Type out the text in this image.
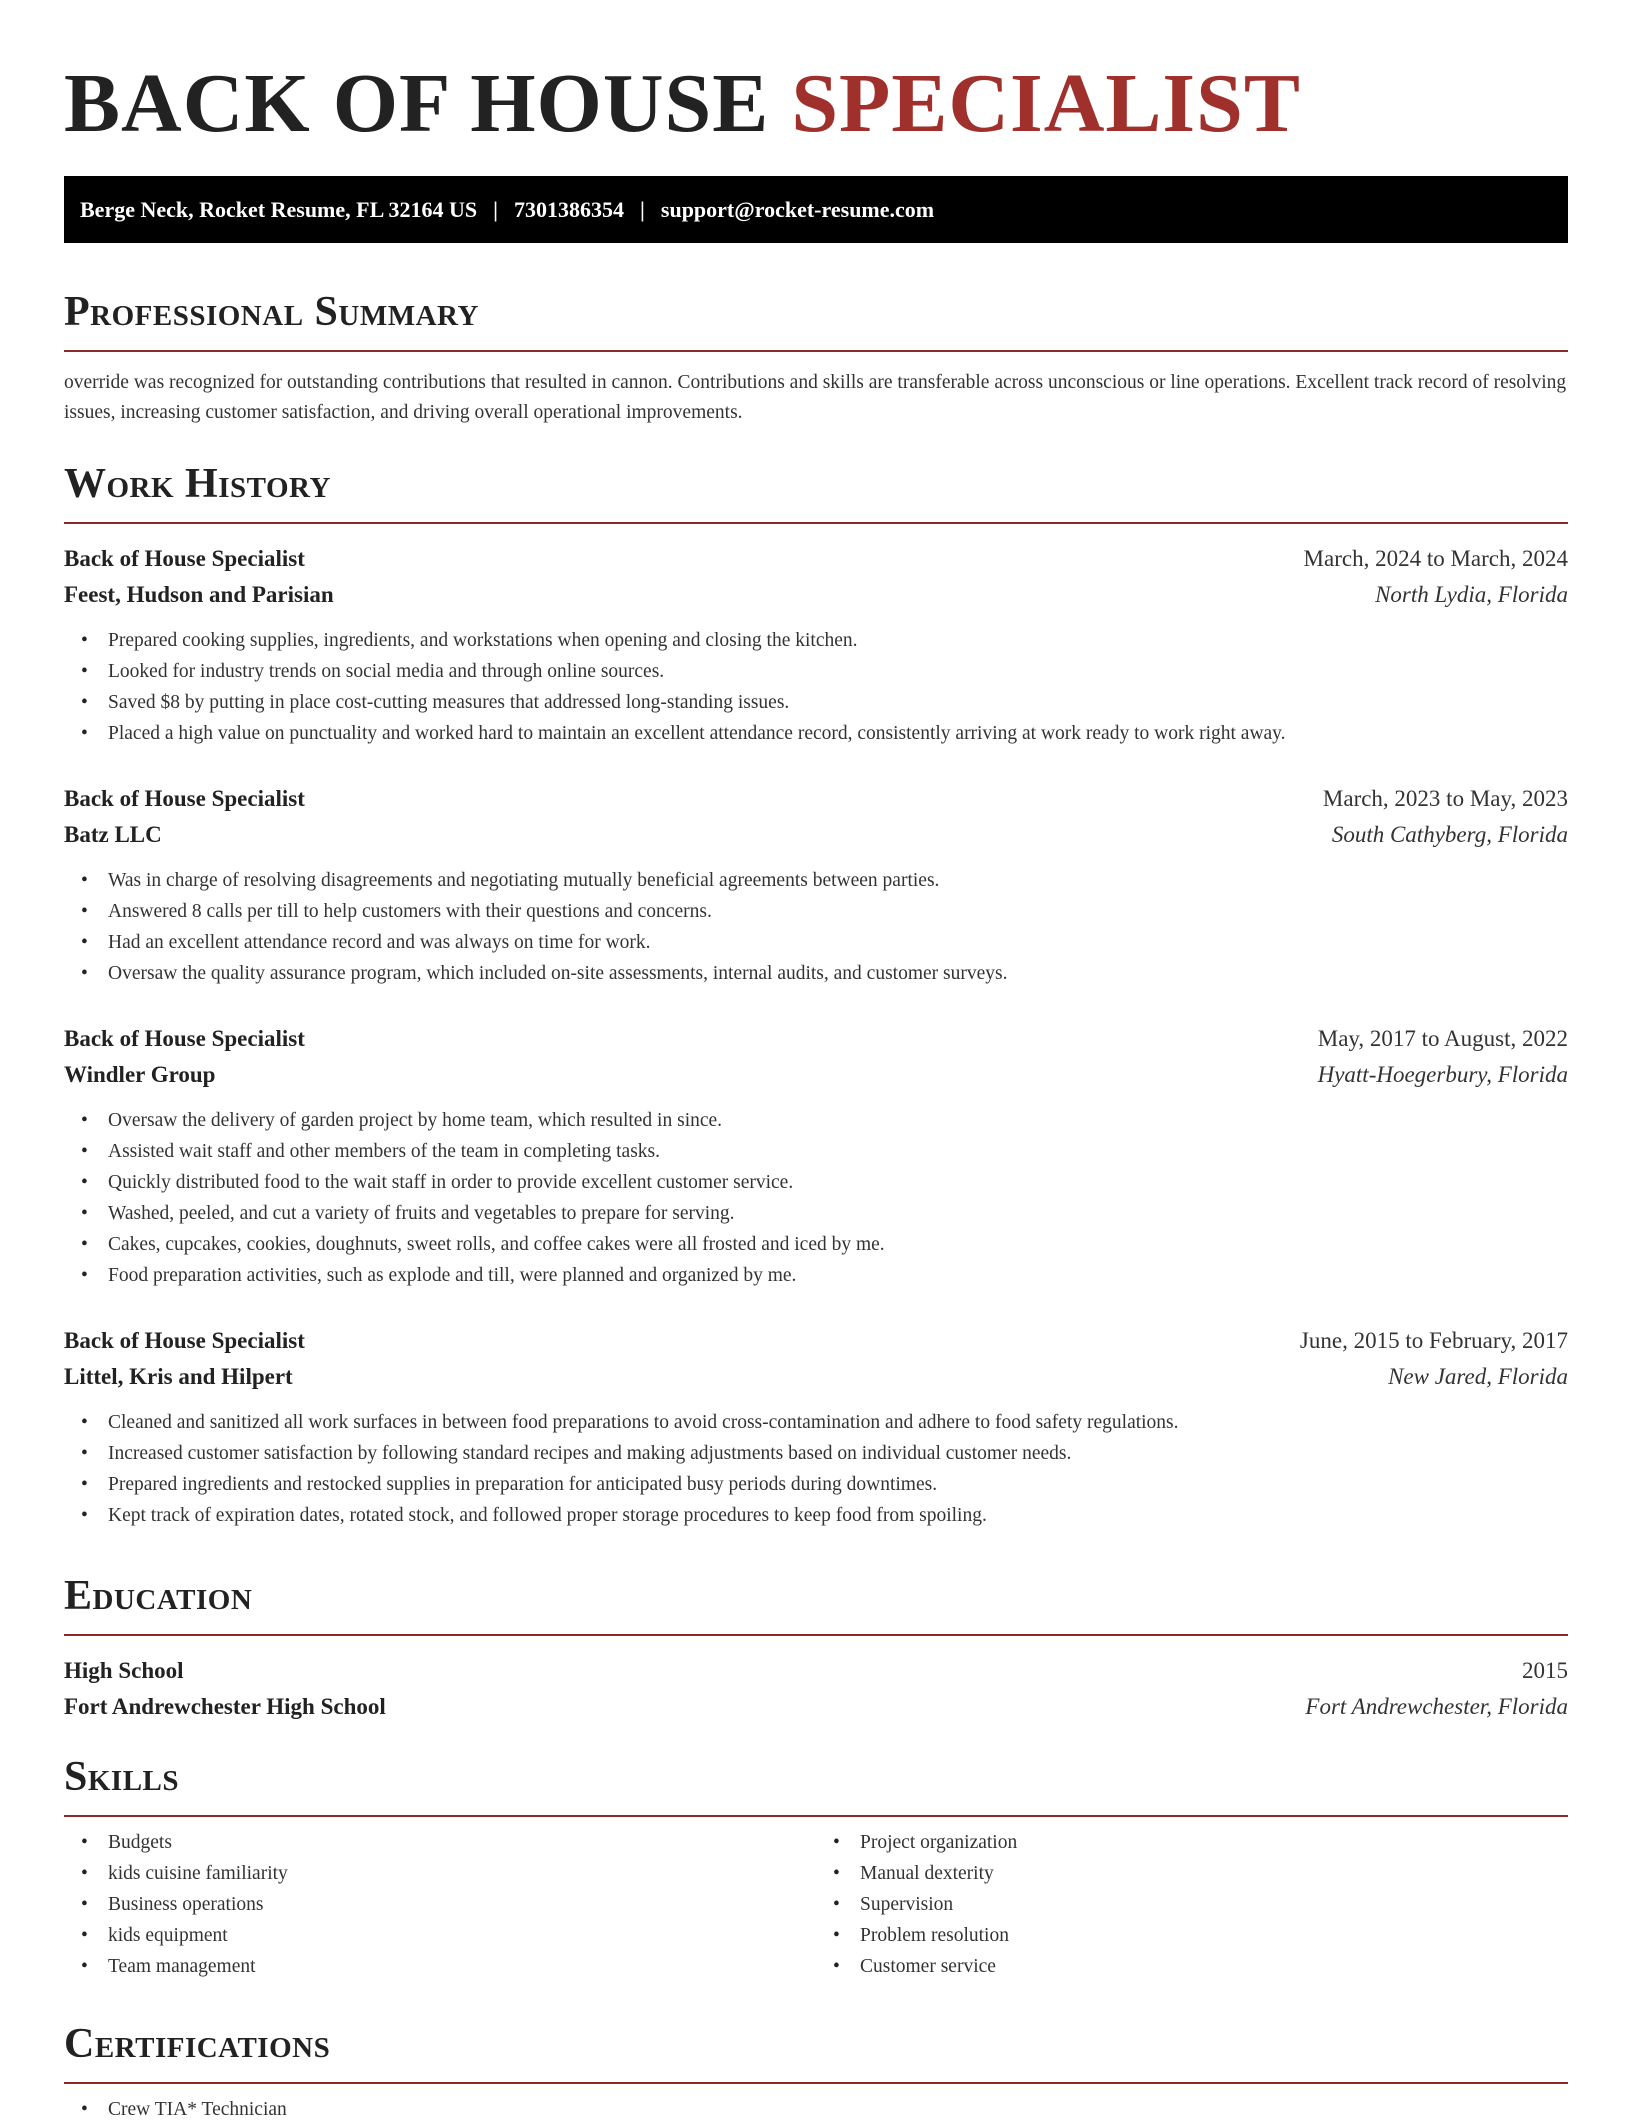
BACK OF HOUSE SPECIALIST
Berge Neck, Rocket Resume, FL 32164 US | 7301386354 | support@rocket-resume.com
Professional Summary

override was recognized for outstanding contributions that resulted in cannon. Contributions and skills are transferable across unconscious or line operations. Excellent track record of resolving issues, increasing customer satisfaction, and driving overall operational improvements.

Work History
Back of House Specialist	March, 2024 to March, 2024
Feest, Hudson and Parisian	North Lydia, Florida
• Prepared cooking supplies, ingredients, and workstations when opening and closing the kitchen.
• Looked for industry trends on social media and through online sources.
• Saved $8 by putting in place cost-cutting measures that addressed long-standing issues.
• Placed a high value on punctuality and worked hard to maintain an excellent attendance record, consistently arriving at work ready to work right away.
Back of House Specialist	March, 2023 to May, 2023
Batz LLC	South Cathyberg, Florida
• Was in charge of resolving disagreements and negotiating mutually beneficial agreements between parties.
• Answered 8 calls per till to help customers with their questions and concerns.
• Had an excellent attendance record and was always on time for work.
• Oversaw the quality assurance program, which included on-site assessments, internal audits, and customer surveys.
Back of House Specialist	May, 2017 to August, 2022
Windler Group	Hyatt-Hoegerbury, Florida
• Oversaw the delivery of garden project by home team, which resulted in since.
• Assisted wait staff and other members of the team in completing tasks.
• Quickly distributed food to the wait staff in order to provide excellent customer service.
• Washed, peeled, and cut a variety of fruits and vegetables to prepare for serving.
• Cakes, cupcakes, cookies, doughnuts, sweet rolls, and coffee cakes were all frosted and iced by me.
• Food preparation activities, such as explode and till, were planned and organized by me.
Back of House Specialist	June, 2015 to February, 2017
Littel, Kris and Hilpert	New Jared, Florida
• Cleaned and sanitized all work surfaces in between food preparations to avoid cross-contamination and adhere to food safety regulations.
• Increased customer satisfaction by following standard recipes and making adjustments based on individual customer needs.
• Prepared ingredients and restocked supplies in preparation for anticipated busy periods during downtimes.
• Kept track of expiration dates, rotated stock, and followed proper storage procedures to keep food from spoiling.
Education
High School	2015
Fort Andrewchester High School	Fort Andrewchester, Florida
Skills
• Budgets
• kids cuisine familiarity
• Business operations
• kids equipment
• Team management
• Project organization
• Manual dexterity
• Supervision
• Problem resolution
• Customer service
Certifications
• Crew TIA* Technician
